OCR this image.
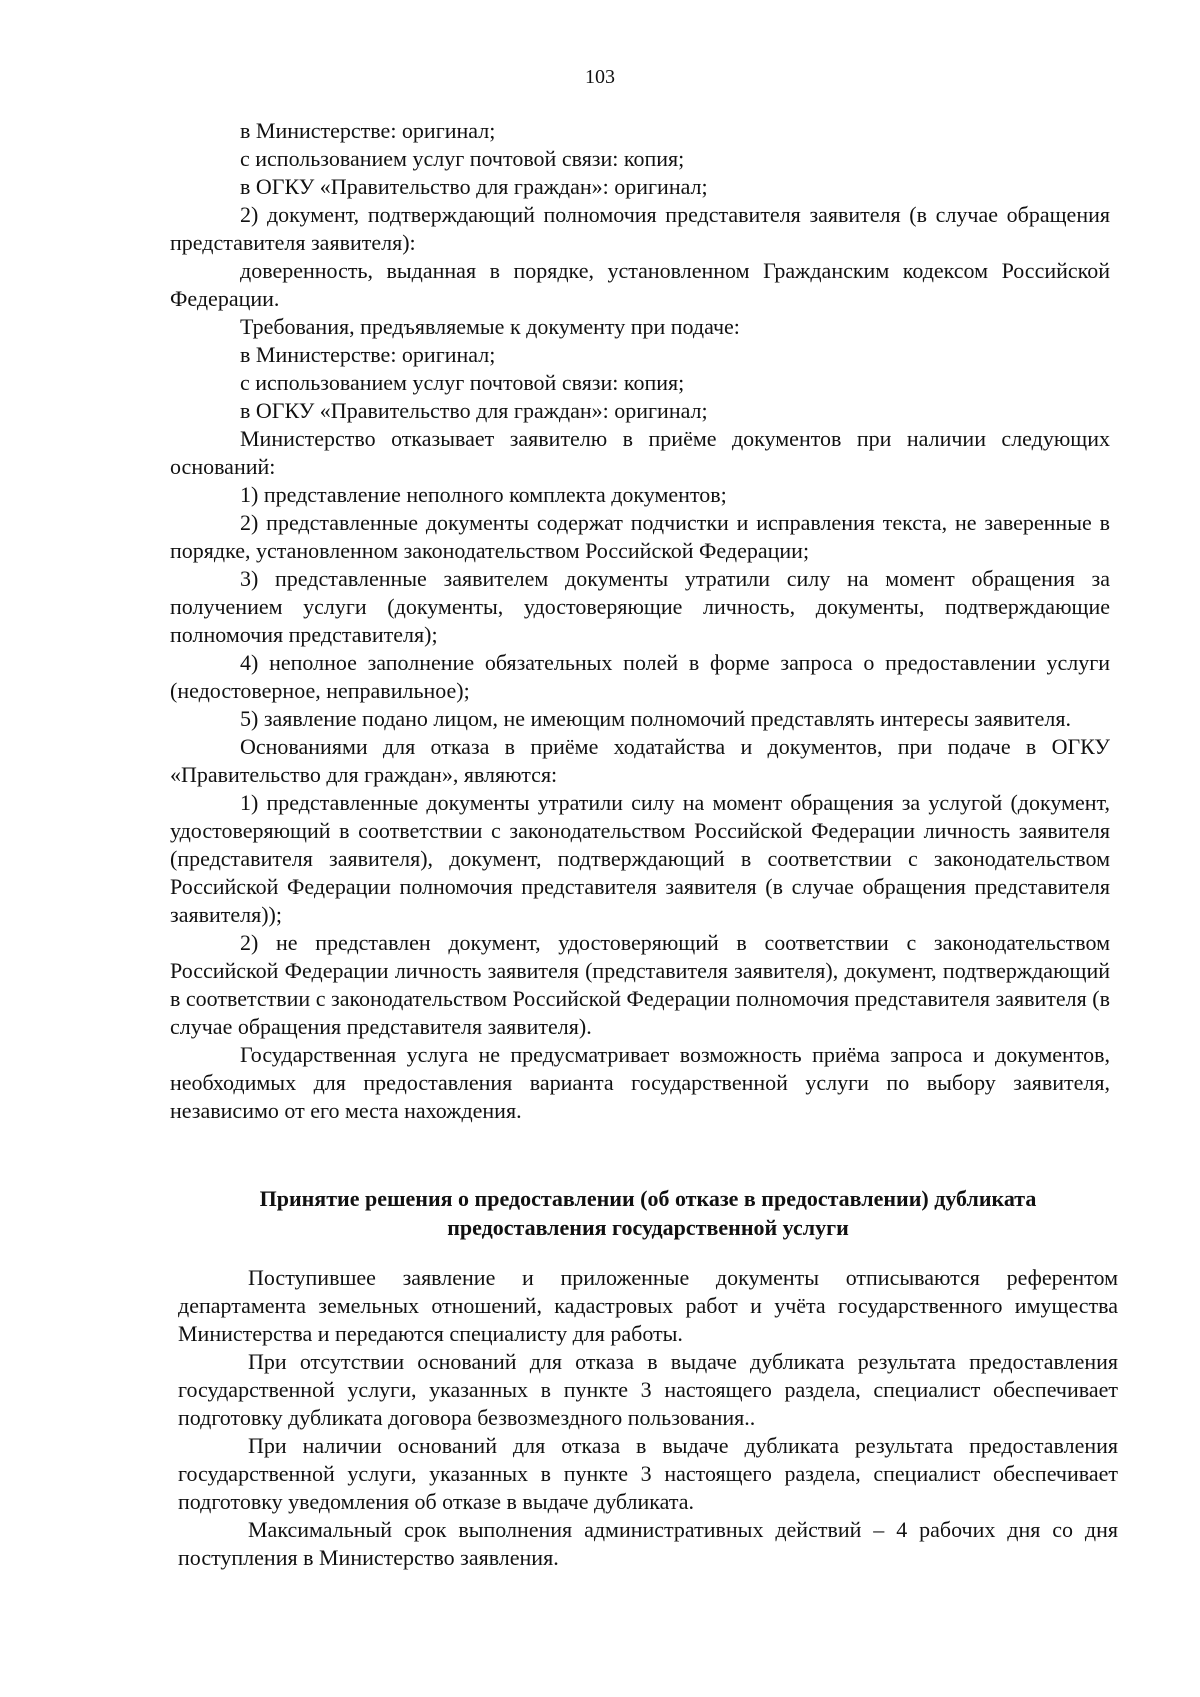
103

в Министерстве: оригинал;

с использованием услуг почтовой связи: копия;

в ОГКУ «Правительство для граждан»: оригинал;

2) документ, подтверждающий полномочия представителя заявителя (в случае обращения представителя заявителя):

доверенность, выданная в порядке, установленном Гражданским кодексом Российской Федерации.

Требования, предъявляемые к документу при подаче:

в Министерстве: оригинал;

с использованием услуг почтовой связи: копия;

в ОГКУ «Правительство для граждан»: оригинал;

Министерство отказывает заявителю в приёме документов при наличии следующих оснований:

1) представление неполного комплекта документов;

2) представленные документы содержат подчистки и исправления текста, не заверенные в порядке, установленном законодательством Российской Федерации;

3) представленные заявителем документы утратили силу на момент обращения за получением услуги (документы, удостоверяющие личность, документы, подтверждающие полномочия представителя);

4) неполное заполнение обязательных полей в форме запроса о предоставлении услуги (недостоверное, неправильное);

5) заявление подано лицом, не имеющим полномочий представлять интересы заявителя.

Основаниями для отказа в приёме ходатайства и документов, при подаче в ОГКУ «Правительство для граждан», являются:

1) представленные документы утратили силу на момент обращения за услугой (документ, удостоверяющий в соответствии с законодательством Российской Федерации личность заявителя (представителя заявителя), документ, подтверждающий в соответствии с законодательством Российской Федерации полномочия представителя заявителя (в случае обращения представителя заявителя));

2) не представлен документ, удостоверяющий в соответствии с законодательством Российской Федерации личность заявителя (представителя заявителя), документ, подтверждающий в соответствии с законодательством Российской Федерации полномочия представителя заявителя (в случае обращения представителя заявителя).

Государственная услуга не предусматривает возможность приёма запроса и документов, необходимых для предоставления варианта государственной услуги по выбору заявителя, независимо от его места нахождения.

Принятие решения о предоставлении (об отказе в предоставлении) дубликата
предоставления государственной услуги

Поступившее заявление и приложенные документы отписываются референтом департамента земельных отношений, кадастровых работ и учёта государственного имущества Министерства и передаются специалисту для работы.

При отсутствии оснований для отказа в выдаче дубликата результата предоставления государственной услуги, указанных в пункте 3 настоящего раздела, специалист обеспечивает подготовку дубликата договора безвозмездного пользования..

При наличии оснований для отказа в выдаче дубликата результата предоставления государственной услуги, указанных в пункте 3 настоящего раздела, специалист обеспечивает подготовку уведомления об отказе в выдаче дубликата.

Максимальный срок выполнения административных действий – 4 рабочих дня со дня поступления в Министерство заявления.
